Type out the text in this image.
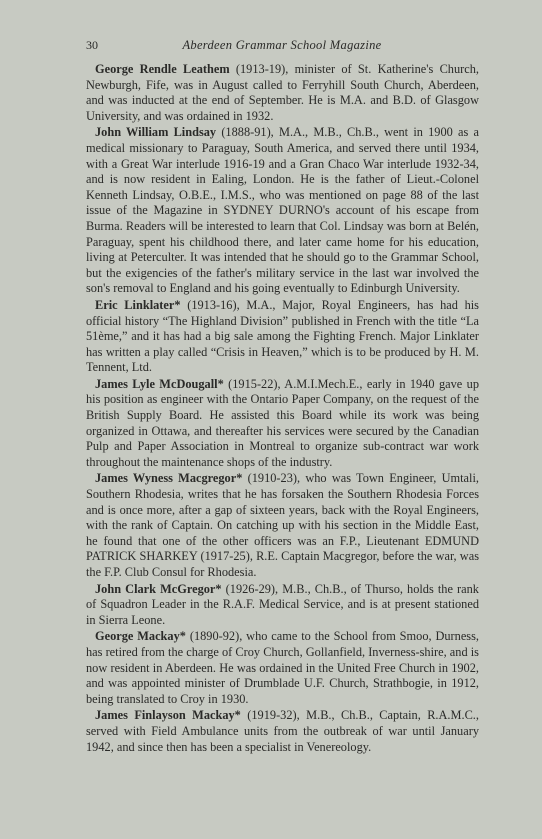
30	Aberdeen Grammar School Magazine

George Rendle Leathem (1913-19), minister of St. Katherine's Church, Newburgh, Fife, was in August called to Ferryhill South Church, Aberdeen, and was inducted at the end of September. He is M.A. and B.D. of Glasgow University, and was ordained in 1932.

John William Lindsay (1888-91), M.A., M.B., Ch.B., went in 1900 as a medical missionary to Paraguay, South America, and served there until 1934, with a Great War interlude 1916-19 and a Gran Chaco War interlude 1932-34, and is now resident in Ealing, London. He is the father of Lieut.-Colonel Kenneth Lindsay, O.B.E., I.M.S., who was mentioned on page 88 of the last issue of the Magazine in SYDNEY DURNO's account of his escape from Burma. Readers will be interested to learn that Col. Lindsay was born at Belén, Paraguay, spent his childhood there, and later came home for his education, living at Peterculter. It was intended that he should go to the Grammar School, but the exigencies of the father's military service in the last war involved the son's removal to England and his going eventually to Edinburgh University.

Eric Linklater* (1913-16), M.A., Major, Royal Engineers, has had his official history “The Highland Division” published in French with the title “La 51ème,” and it has had a big sale among the Fighting French. Major Linklater has written a play called “Crisis in Heaven,” which is to be produced by H. M. Tennent, Ltd.

James Lyle McDougall* (1915-22), A.M.I.Mech.E., early in 1940 gave up his position as engineer with the Ontario Paper Company, on the request of the British Supply Board. He assisted this Board while its work was being organized in Ottawa, and thereafter his services were secured by the Canadian Pulp and Paper Association in Montreal to organize sub-contract war work throughout the maintenance shops of the industry.

James Wyness Macgregor* (1910-23), who was Town Engineer, Umtali, Southern Rhodesia, writes that he has forsaken the Southern Rhodesia Forces and is once more, after a gap of sixteen years, back with the Royal Engineers, with the rank of Captain. On catching up with his section in the Middle East, he found that one of the other officers was an F.P., Lieutenant EDMUND PATRICK SHARKEY (1917-25), R.E. Captain Macgregor, before the war, was the F.P. Club Consul for Rhodesia.

John Clark McGregor* (1926-29), M.B., Ch.B., of Thurso, holds the rank of Squadron Leader in the R.A.F. Medical Service, and is at present stationed in Sierra Leone.

George Mackay* (1890-92), who came to the School from Smoo, Durness, has retired from the charge of Croy Church, Gollanfield, Inverness-shire, and is now resident in Aberdeen. He was ordained in the United Free Church in 1902, and was appointed minister of Drumblade U.F. Church, Strathbogie, in 1912, being translated to Croy in 1930.

James Finlayson Mackay* (1919-32), M.B., Ch.B., Captain, R.A.M.C., served with Field Ambulance units from the outbreak of war until January 1942, and since then has been a specialist in Venereology.
